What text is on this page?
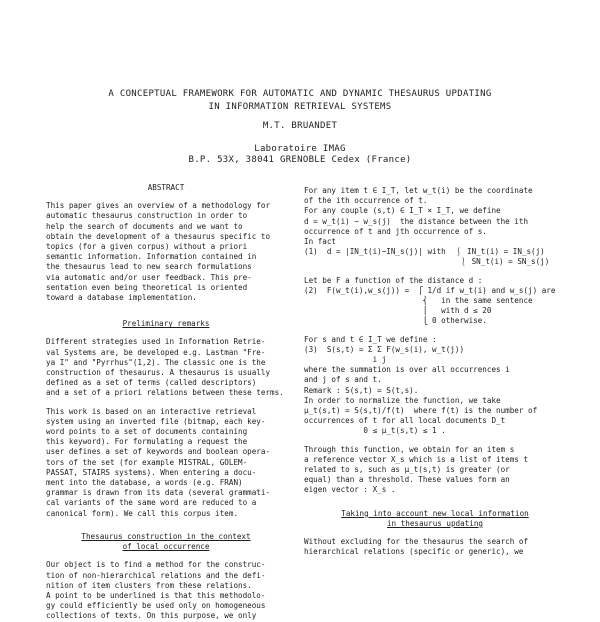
A CONCEPTUAL FRAMEWORK FOR AUTOMATIC AND DYNAMIC THESAURUS UPDATING
IN INFORMATION RETRIEVAL SYSTEMS
M.T. BRUANDET
Laboratoire IMAG
B.P. 53X, 38041 GRENOBLE Cedex (France)

ABSTRACT

This paper gives an overview of a methodology for
automatic thesaurus construction in order to
help the search of documents and we want to
obtain the development of a thesaurus specific to
topics (for a given corpus) without a priori
semantic information. Information contained in
the thesaurus lead to new search formulations
via automatic and/or user feedback. This pre-
sentation even being theoretical is oriented
toward a database implementation.

Preliminary remarks

Different strategies used in Information Retrie-
val Systems are, be developed e.g. Lastman "Fre-
ya I" and "Pyrrhus"(1,2). The classic one is the
construction of thesaurus. A thesaurus is usually
defined as a set of terms (called descriptors)
and a set of a priori relations between these terms.
This work is based on an interactive retrieval
system using an inverted file (bitmap, each key-
word points to a set of documents containing
this keyword). For formulating a request the
user defines a set of keywords and boolean opera-
tors of the set (for example MISTRAL, GOLEM-
PASSAT, STAIRS systems). When entering a docu-
ment into the database, a words (e.g. FRAN)
grammar is drawn from its data (several grammati-
cal variants of the same word are reduced to a
canonical form). We call this corpus item.

Thesaurus construction in the context

of local occurrence

Our object is to find a method for the construc-
tion of non-hierarchical relations and the defi-
nition of item clusters from these relations.
A point to be underlined is that this methodolo-
gy could efficiently be used only on homogeneous
collections of texts. On this purpose, we only
For any item t ∈ I_T, let w_t(i) be the coordinate
of the ith occurrence of t.
For any couple (s,t) ∈ I_T × I_T, we define
d = w_t(i) − w_s(j)  the distance between the ith
occurrence of t and jth occurrence of s.
In fact
(1)  d = |IN_t(i)−IN_s(j)| with  ⎰ IN_t(i) = IN_s(j)
⎱ SN_t(i) = SN_s(j)
Let be F a function of the distance d :
(2)  F(w_t(i),w_s(j)) =  ⎧ 1/d if w_t(i) and w_s(j) are
⎨   in the same sentence
⎪   with d ≤ 20
⎩ 0 otherwise.
For s and t ∈ I_T we define :
(3)  S(s,t) = Σ Σ F(w_s(i), w_t(j))
i j
where the summation is over all occurrences i
and j of s and t.
Remark : S(s,t) = S(t,s).
In order to normalize the function, we take
μ_t(s,t) = S(s,t)/f(t)  where f(t) is the number of
occurrences of t for all local documents D_t
0 ≤ μ_t(s,t) ≤ 1 .
Through this function, we obtain for an item s
a reference vector X_s which is a list of items t
related to s, such as μ_t(s,t) is greater (or
equal) than a threshold. These values form an
eigen vector : X_s .

Taking into account new local information

in thesaurus updating

Without excluding for the thesaurus the search of
hierarchical relations (specific or generic), we
